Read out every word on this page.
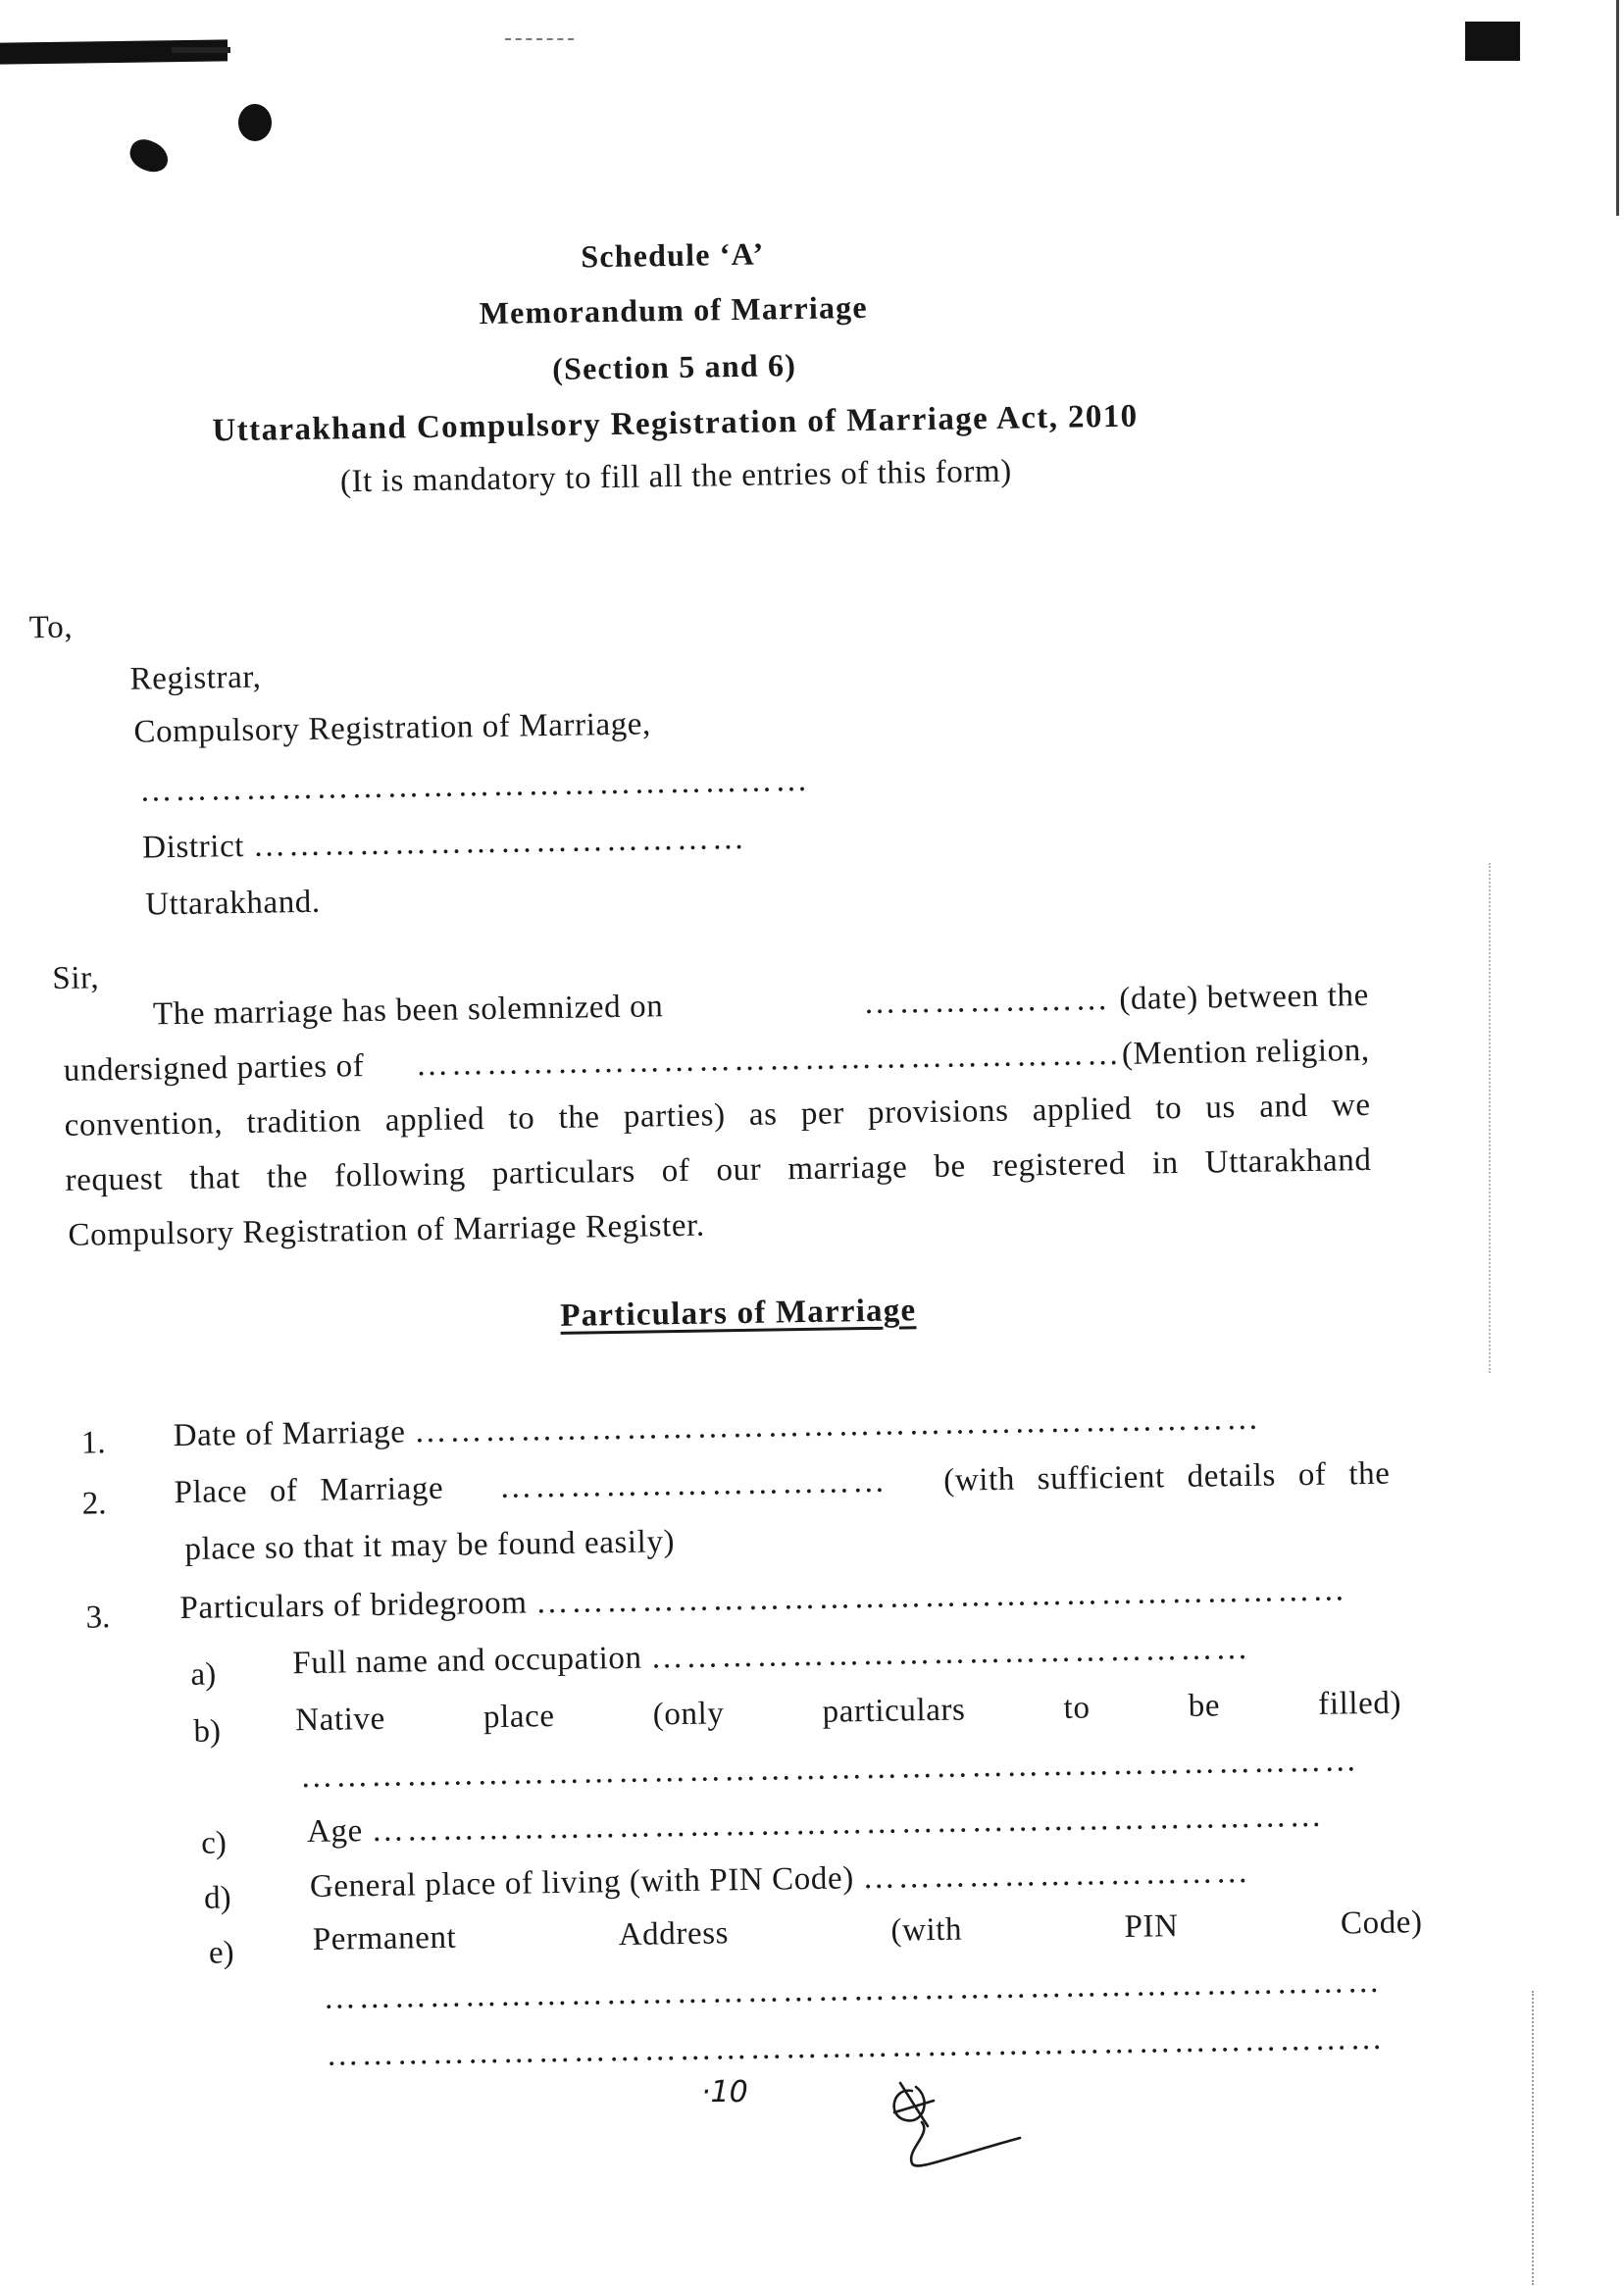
Schedule ‘A’
Memorandum of Marriage
(Section 5 and 6)
Uttarakhand Compulsory Registration of Marriage Act, 2010
(It is mandatory to fill all the entries of this form)
To,
Registrar,
Compulsory Registration of Marriage,
…………………………………………………
District ……………………………………
Uttarakhand.
Sir,
The marriage has been solemnized on	………………… (date) between the
undersigned parties of ……………………………………………………(Mention religion,
convention, tradition applied to the parties) as per provisions applied to us and we
request that the following particulars of our marriage be registered in Uttarakhand
Compulsory Registration of Marriage Register.
Particulars of Marriage
1. Date of Marriage ………………………………………………………………
2. Place of Marriage …………………………… (with sufficient details of the
place so that it may be found easily)
3. Particulars of bridegroom ……………………………………………………………
a) Full name and occupation ……………………………………………
b) Native	place	(only	particulars	to	be	filled)
………………………………………………………………………………
c) Age ………………………………………………………………………
d) General place of living (with PIN Code) ……………………………
e) Permanent	Address	(with	PIN	Code)
………………………………………………………………………………
………………………………………………………………………………
·10
